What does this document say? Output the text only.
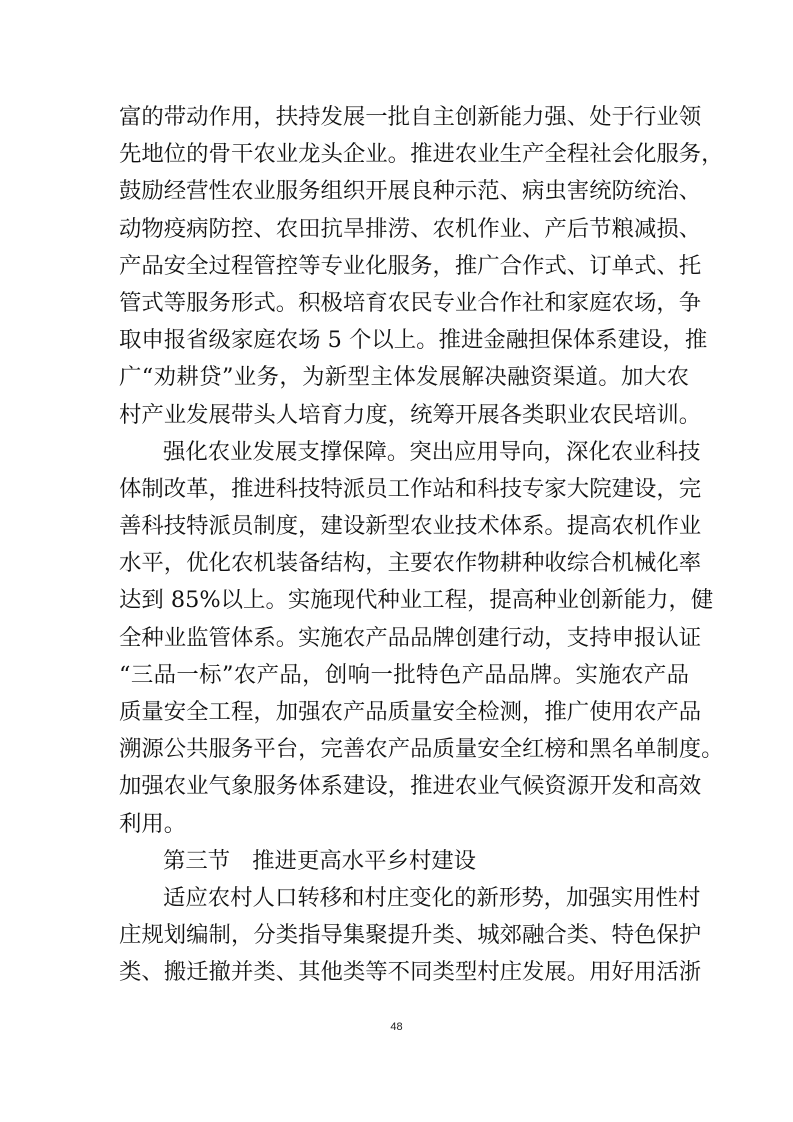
富的带动作用，扶持发展一批自主创新能力强、处于行业领
先地位的骨干农业龙头企业。推进农业生产全程社会化服务，
鼓励经营性农业服务组织开展良种示范、病虫害统防统治、
动物疫病防控、农田抗旱排涝、农机作业、产后节粮减损、
产品安全过程管控等专业化服务，推广合作式、订单式、托
管式等服务形式。积极培育农民专业合作社和家庭农场，争
取申报省级家庭农场 5 个以上。推进金融担保体系建设，推
广“劝耕贷”业务，为新型主体发展解决融资渠道。加大农
村产业发展带头人培育力度，统筹开展各类职业农民培训。
强化农业发展支撑保障。突出应用导向，深化农业科技
体制改革，推进科技特派员工作站和科技专家大院建设，完
善科技特派员制度，建设新型农业技术体系。提高农机作业
水平，优化农机装备结构，主要农作物耕种收综合机械化率
达到 85%以上。实施现代种业工程，提高种业创新能力，健
全种业监管体系。实施农产品品牌创建行动，支持申报认证
“三品一标”农产品，创响一批特色产品品牌。实施农产品
质量安全工程，加强农产品质量安全检测，推广使用农产品
溯源公共服务平台，完善农产品质量安全红榜和黑名单制度。
加强农业气象服务体系建设，推进农业气候资源开发和高效
利用。
第三节 推进更高水平乡村建设
适应农村人口转移和村庄变化的新形势，加强实用性村
庄规划编制，分类指导集聚提升类、城郊融合类、特色保护
类、搬迁撤并类、其他类等不同类型村庄发展。用好用活浙
48
